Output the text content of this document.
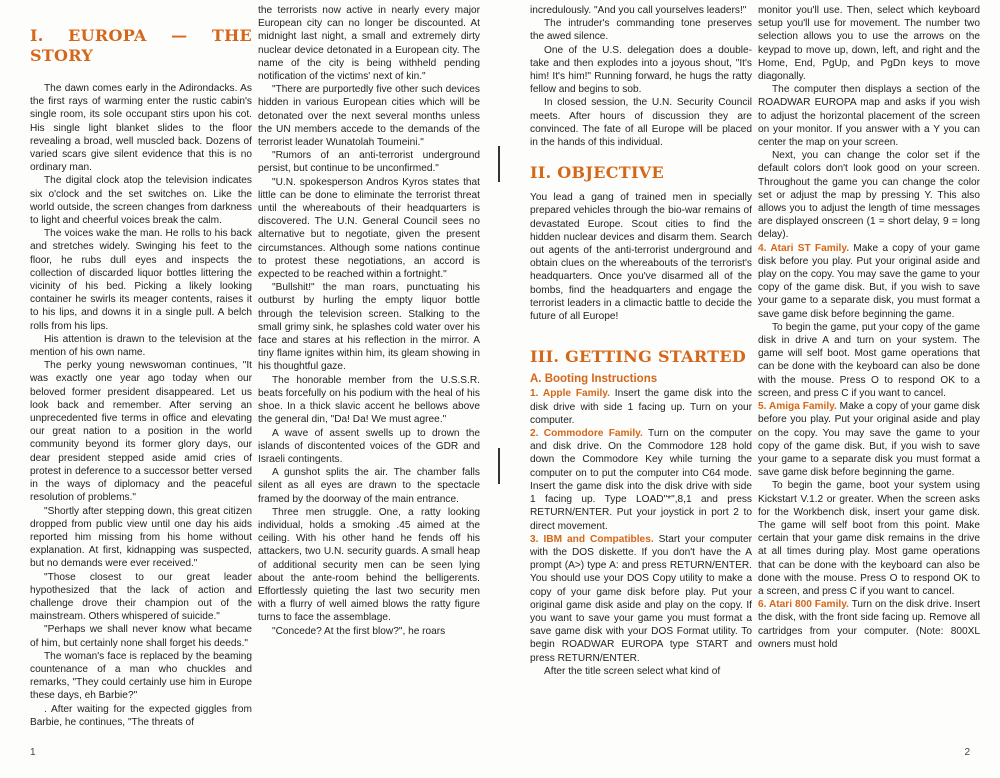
I. EUROPA — THE STORY

The dawn comes early in the Adirondacks. As the first rays of warming enter the rustic cabin's single room, its sole occupant stirs upon his cot. His single light blanket slides to the floor revealing a broad, well muscled back. Dozens of varied scars give silent evidence that this is no ordinary man.

The digital clock atop the television indicates six o'clock and the set switches on. Like the world outside, the screen changes from darkness to light and cheerful voices break the calm.

The voices wake the man. He rolls to his back and stretches widely. Swinging his feet to the floor, he rubs dull eyes and inspects the collection of discarded liquor bottles littering the vicinity of his bed. Picking a likely looking container he swirls its meager contents, raises it to his lips, and downs it in a single pull. A belch rolls from his lips.

His attention is drawn to the television at the mention of his own name.

The perky young newswoman continues, "It was exactly one year ago today when our beloved former president disappeared. Let us look back and remember. After serving an unprecedented five terms in office and elevating our great nation to a position in the world community beyond its former glory days, our dear president stepped aside amid cries of protest in deference to a successor better versed in the ways of diplomacy and the peaceful resolution of problems."

"Shortly after stepping down, this great citizen dropped from public view until one day his aids reported him missing from his home without explanation. At first, kidnapping was suspected, but no demands were ever received."

"Those closest to our great leader hypothesized that the lack of action and challenge drove their champion out of the mainstream. Others whispered of suicide."

"Perhaps we shall never know what became of him, but certainly none shall forget his deeds."

The woman's face is replaced by the beaming countenance of a man who chuckles and remarks, "They could certainly use him in Europe these days, eh Barbie?"

. After waiting for the expected giggles from Barbie, he continues, "The threats of

the terrorists now active in nearly every major European city can no longer be discounted. At midnight last night, a small and extremely dirty nuclear device detonated in a European city. The name of the city is being withheld pending notification of the victims' next of kin."

"There are purportedly five other such devices hidden in various European cities which will be detonated over the next several months unless the UN members accede to the demands of the terrorist leader Wunatolah Toumeini."

"Rumors of an anti-terrorist underground persist, but continue to be unconfirmed."

"U.N. spokesperson Andros Kyros states that little can be done to eliminate the terrorist threat until the whereabouts of their headquarters is discovered. The U.N. General Council sees no alternative but to negotiate, given the present circumstances. Although some nations continue to protest these negotiations, an accord is expected to be reached within a fortnight."

"Bullshit!" the man roars, punctuating his outburst by hurling the empty liquor bottle through the television screen. Stalking to the small grimy sink, he splashes cold water over his face and stares at his reflection in the mirror. A tiny flame ignites within him, its gleam showing in his thoughtful gaze.

The honorable member from the U.S.S.R. beats forcefully on his podium with the heal of his shoe. In a thick slavic accent he bellows above the general din, "Da! Da! We must agree."

A wave of assent swells up to drown the islands of discontented voices of the GDR and Israeli contingents.

A gunshot splits the air. The chamber falls silent as all eyes are drawn to the spectacle framed by the doorway of the main entrance.

Three men struggle. One, a ratty looking individual, holds a smoking .45 aimed at the ceiling. With his other hand he fends off his attackers, two U.N. security guards. A small heap of additional security men can be seen lying about the ante-room behind the belligerents. Effortlessly quieting the last two security men with a flurry of well aimed blows the ratty figure turns to face the assemblage.

"Concede? At the first blow?", he roars

1

incredulously. "And you call yourselves leaders!"

The intruder's commanding tone preserves the awed silence.

One of the U.S. delegation does a double-take and then explodes into a joyous shout, "It's him! It's him!" Running forward, he hugs the ratty fellow and begins to sob.

In closed session, the U.N. Security Council meets. After hours of discussion they are convinced. The fate of all Europe will be placed in the hands of this individual.

II. OBJECTIVE

You lead a gang of trained men in specially prepared vehicles through the bio-war remains of devastated Europe. Scout cities to find the hidden nuclear devices and disarm them. Search out agents of the anti-terrorist underground and obtain clues on the whereabouts of the terrorist's headquarters. Once you've disarmed all of the bombs, find the headquarters and engage the terrorist leaders in a climactic battle to decide the future of all Europe!

III. GETTING STARTED
A. Booting Instructions

1. Apple Family. Insert the game disk into the disk drive with side 1 facing up. Turn on your computer.

2. Commodore Family. Turn on the computer and disk drive. On the Commodore 128 hold down the Commodore Key while turning the computer on to put the computer into C64 mode. Insert the game disk into the disk drive with side 1 facing up. Type LOAD"*",8,1 and press RETURN/ENTER. Put your joystick in port 2 to direct movement.

3. IBM and Compatibles. Start your computer with the DOS diskette. If you don't have the A prompt (A>) type A: and press RETURN/ENTER. You should use your DOS Copy utility to make a copy of your game disk before play. Put your original game disk aside and play on the copy. If you want to save your game you must format a save game disk with your DOS Format utility. To begin ROADWAR EUROPA type START and press RETURN/ENTER.

After the title screen select what kind of

monitor you'll use. Then, select which keyboard setup you'll use for movement. The number two selection allows you to use the arrows on the keypad to move up, down, left, and right and the Home, End, PgUp, and PgDn keys to move diagonally.

The computer then displays a section of the ROADWAR EUROPA map and asks if you wish to adjust the horizontal placement of the screen on your monitor. If you answer with a Y you can center the map on your screen.

Next, you can change the color set if the default colors don't look good on your screen. Throughout the game you can change the color set or adjust the map by pressing Y. This also allows you to adjust the length of time messages are displayed onscreen (1 = short delay, 9 = long delay).

4. Atari ST Family. Make a copy of your game disk before you play. Put your original aside and play on the copy. You may save the game to your copy of the game disk. But, if you wish to save your game to a separate disk, you must format a save game disk before beginning the game.

To begin the game, put your copy of the game disk in drive A and turn on your system. The game will self boot. Most game operations that can be done with the keyboard can also be done with the mouse. Press O to respond OK to a screen, and press C if you want to cancel.

5. Amiga Family. Make a copy of your game disk before you play. Put your original aside and play on the copy. You may save the game to your copy of the game disk. But, if you wish to save your game to a separate disk you must format a save game disk before beginning the game.

To begin the game, boot your system using Kickstart V.1.2 or greater. When the screen asks for the Workbench disk, insert your game disk. The game will self boot from this point. Make certain that your game disk remains in the drive at all times during play. Most game operations that can be done with the keyboard can also be done with the mouse. Press O to respond OK to a screen, and press C if you want to cancel.

6. Atari 800 Family. Turn on the disk drive. Insert the disk, with the front side facing up. Remove all cartridges from your computer. (Note: 800XL owners must hold

2
